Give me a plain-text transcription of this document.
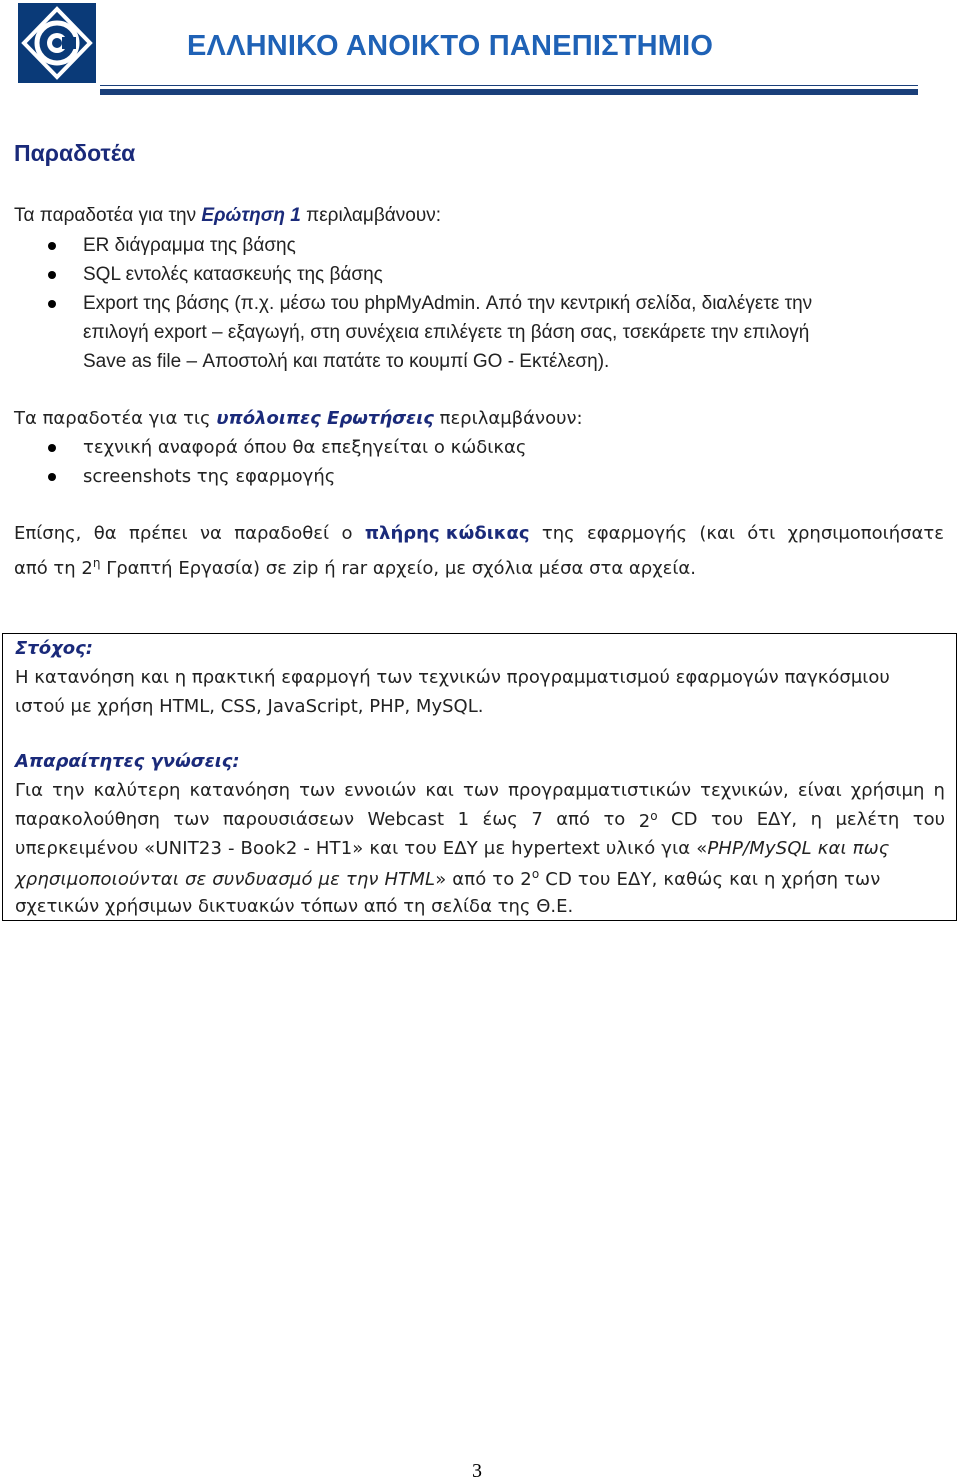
ΕΛΛΗΝΙΚΟ ΑΝΟΙΚΤΟ ΠΑΝΕΠΙΣΤΗΜΙΟ
Παραδοτέα
Τα παραδοτέα για την Ερώτηση 1 περιλαμβάνουν:
ER διάγραμμα της βάσης
SQL εντολές κατασκευής της βάσης
Export της βάσης (π.χ. μέσω του phpMyAdmin. Από την κεντρική σελίδα, διαλέγετε την
επιλογή export – εξαγωγή, στη συνέχεια επιλέγετε τη βάση σας, τσεκάρετε την επιλογή
Save as file – Αποστολή και πατάτε το κουμπί GO - Εκτέλεση).
Τα παραδοτέα για τις υπόλοιπες Ερωτήσεις περιλαμβάνουν:
τεχνική αναφορά όπου θα επεξηγείται ο κώδικας
screenshots της εφαρμογής
Επίσης, θα πρέπει να παραδοθεί ο πλήρης κώδικας της εφαρμογής (και ότι χρησιμοποιήσατε
από τη $2^\eta$ Γραπτή Εργασία) σε zip ή rar αρχείο, με σχόλια μέσα στα αρχεία.
Στόχος:
Η κατανόηση και η πρακτική εφαρμογή των τεχνικών προγραμματισμού εφαρμογών παγκόσμιου
ιστού με χρήση HTML, CSS, JavaScript, PHP, MySQL.
Απαραίτητες γνώσεις:
Για την καλύτερη κατανόηση των εννοιών και των προγραμματιστικών τεχνικών, είναι χρήσιμη η
παρακολούθηση των παρουσιάσεων Webcast 1 έως 7 από το $2^o$ CD του ΕΔΥ, η μελέτη του
υπερκειμένου «UNIT23 - Book2 - HT1» και του ΕΔΥ με hypertext υλικό για «PHP/MySQL και πως
χρησιμοποιούνται σε συνδυασμό με την HTML» από το $2^o$ CD του ΕΔΥ, καθώς και η χρήση των
σχετικών χρήσιμων δικτυακών τόπων από τη σελίδα της Θ.Ε.
3
